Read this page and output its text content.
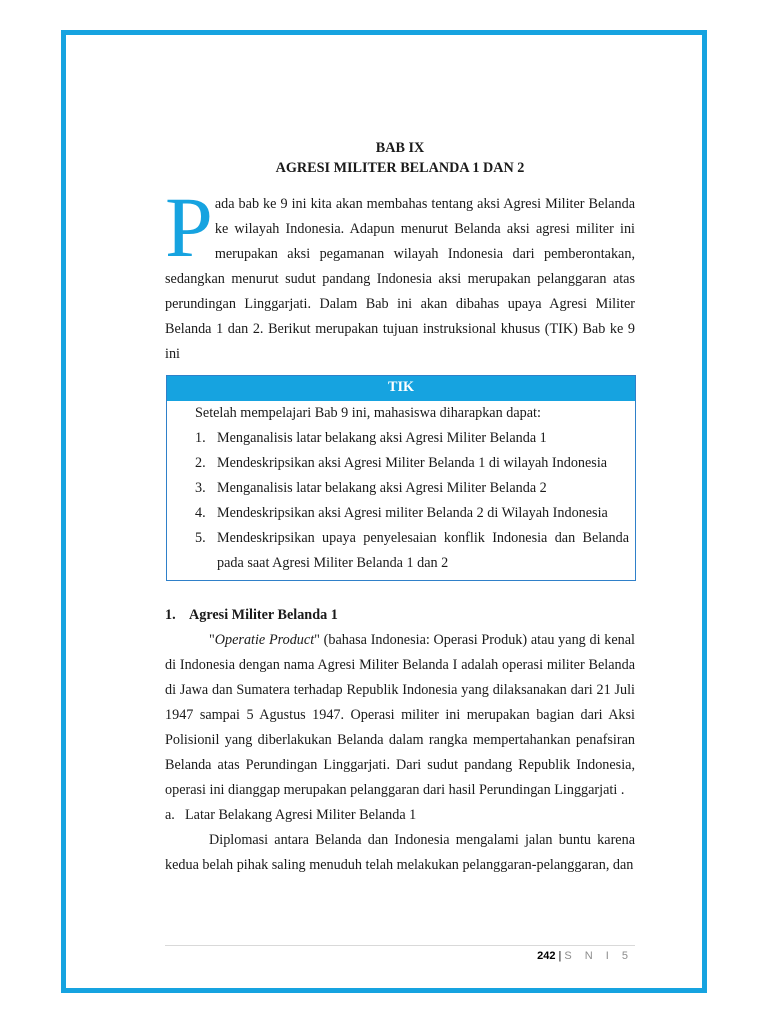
BAB IX
AGRESI MILITER BELANDA 1 DAN 2
P ada bab ke 9 ini kita akan membahas tentang aksi Agresi Militer Belanda ke wilayah Indonesia. Adapun menurut Belanda aksi agresi militer ini merupakan aksi pegamanan wilayah Indonesia dari pemberontakan, sedangkan menurut sudut pandang Indonesia aksi merupakan pelanggaran atas perundingan Linggarjati. Dalam Bab ini akan dibahas upaya Agresi Militer Belanda 1 dan 2. Berikut merupakan tujuan instruksional khusus (TIK) Bab ke 9 ini
TIK
Setelah mempelajari Bab 9 ini, mahasiswa diharapkan dapat:
1. Menganalisis latar belakang aksi Agresi Militer Belanda 1
2. Mendeskripsikan aksi Agresi Militer Belanda 1 di wilayah Indonesia
3. Menganalisis latar belakang aksi Agresi Militer Belanda 2
4. Mendeskripsikan aksi Agresi militer Belanda 2 di Wilayah Indonesia
5. Mendeskripsikan upaya penyelesaian konflik Indonesia dan Belanda pada saat Agresi Militer Belanda 1 dan 2
1. Agresi Militer Belanda 1
"Operatie Product" (bahasa Indonesia: Operasi Produk) atau yang di kenal di Indonesia dengan nama Agresi Militer Belanda I adalah operasi militer Belanda di Jawa dan Sumatera terhadap Republik Indonesia yang dilaksanakan dari 21 Juli 1947 sampai 5 Agustus 1947. Operasi militer ini merupakan bagian dari Aksi Polisionil yang diberlakukan Belanda dalam rangka mempertahankan penafsiran Belanda atas Perundingan Linggarjati. Dari sudut pandang Republik Indonesia, operasi ini dianggap merupakan pelanggaran dari hasil Perundingan Linggarjati .
a. Latar Belakang Agresi Militer Belanda 1
Diplomasi antara Belanda dan Indonesia mengalami jalan buntu karena kedua belah pihak saling menuduh telah melakukan pelanggaran-pelanggaran, dan
242 | S N I 5
